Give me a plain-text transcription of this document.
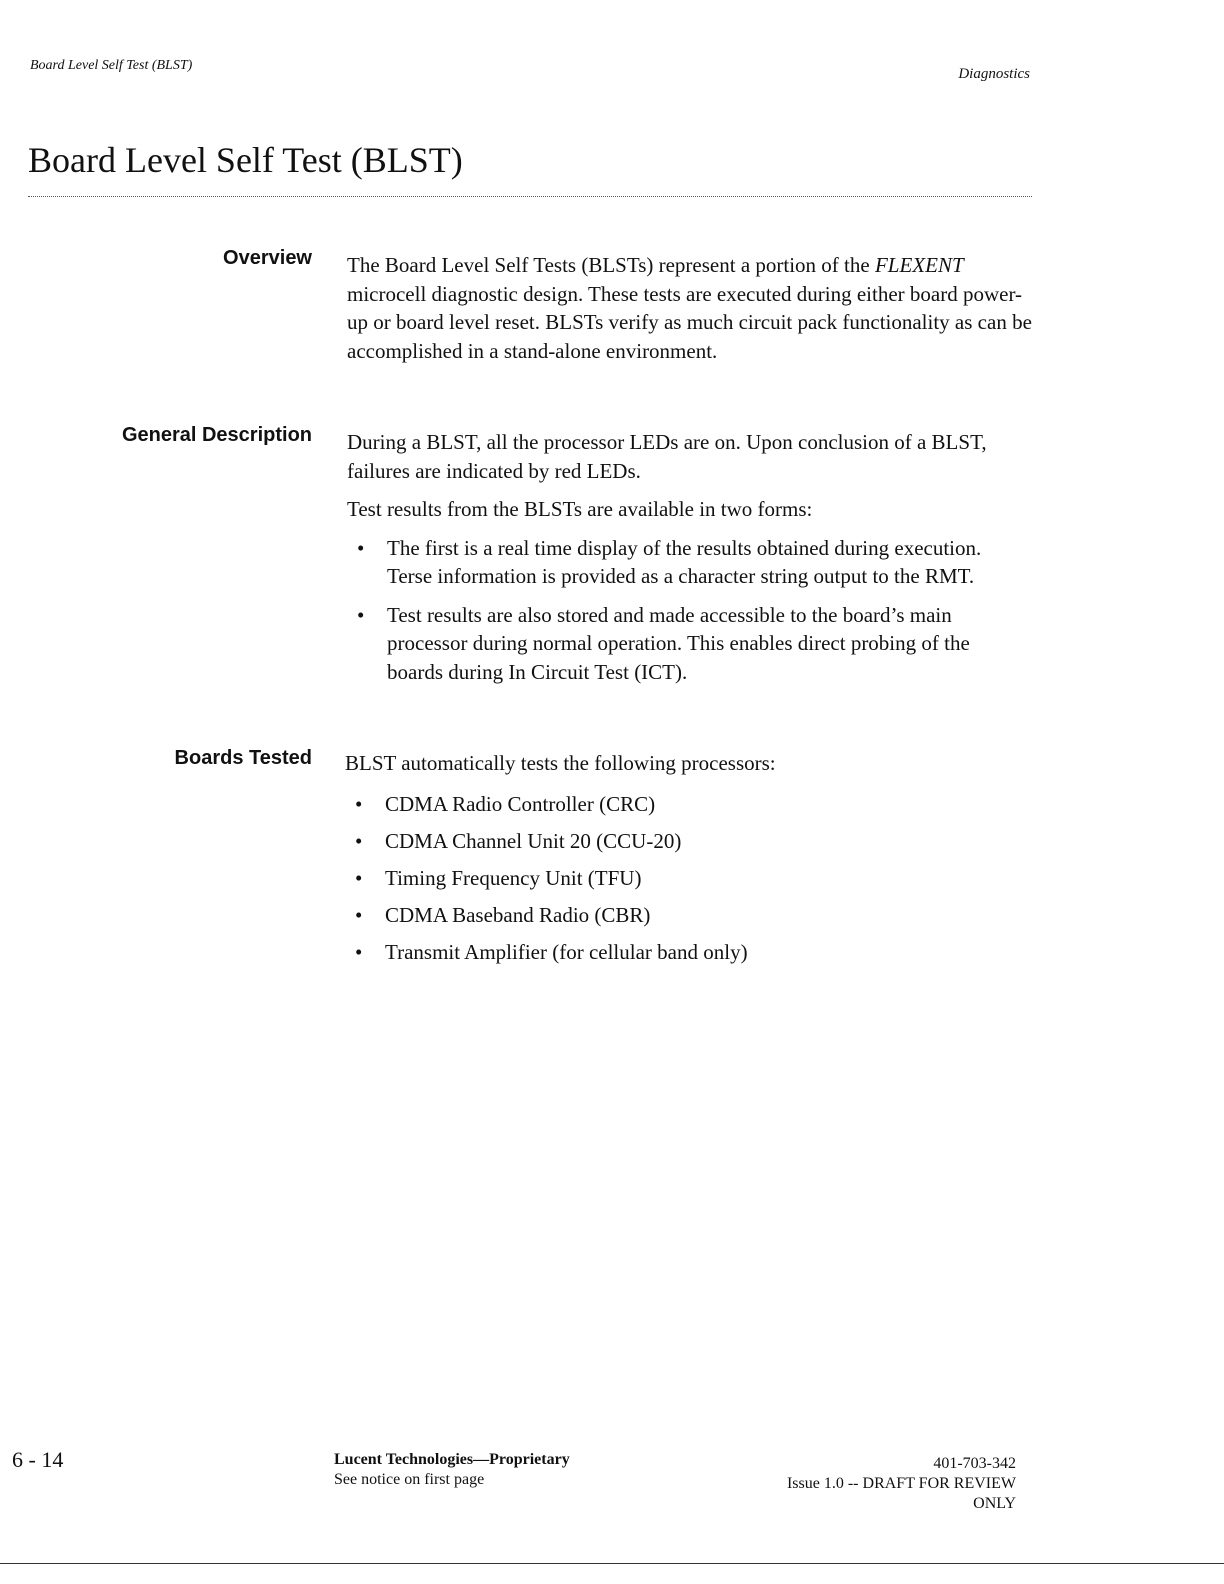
Board Level Self Test (BLST)
Diagnostics
Board Level Self Test (BLST)
Overview The Board Level Self Tests (BLSTs) represent a portion of the FLEXENT microcell diagnostic design. These tests are executed during either board power-up or board level reset. BLSTs verify as much circuit pack functionality as can be accomplished in a stand-alone environment.

General Description During a BLST, all the processor LEDs are on. Upon conclusion of a BLST, failures are indicated by red LEDs.

Test results from the BLSTs are available in two forms:

• The first is a real time display of the results obtained during execution. Terse information is provided as a character string output to the RMT.
• Test results are also stored and made accessible to the board’s main processor during normal operation. This enables direct probing of the boards during In Circuit Test (ICT).
Boards Tested BLST automatically tests the following processors:

• CDMA Radio Controller (CRC)
• CDMA Channel Unit 20 (CCU-20)
• Timing Frequency Unit (TFU)
• CDMA Baseband Radio (CBR)
• Transmit Amplifier (for cellular band only)
6 - 14	Lucent Technologies—Proprietary
See notice on first page
401-703-342
Issue 1.0 -- DRAFT FOR REVIEW
ONLY
